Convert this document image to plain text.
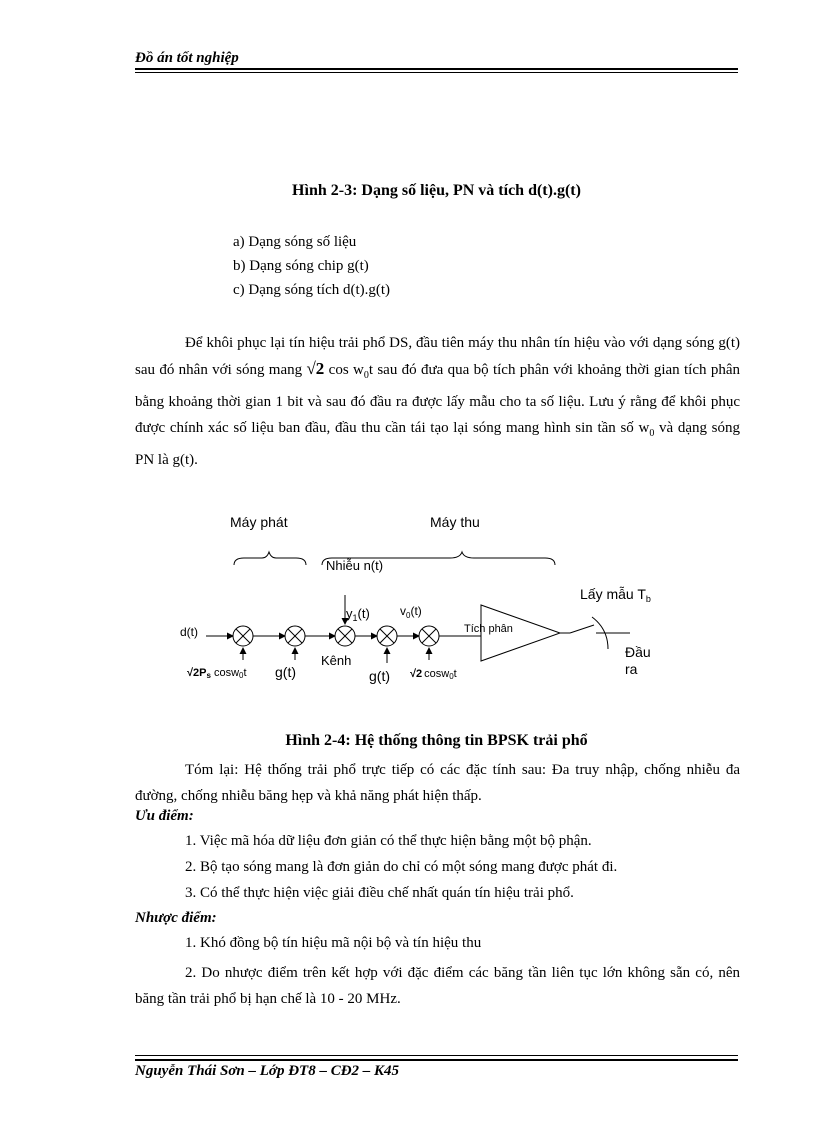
Đồ án tốt nghiệp
Hình 2-3: Dạng số liệu, PN và tích d(t).g(t)
a) Dạng sóng số liệu
b) Dạng sóng chip g(t)
c) Dạng sóng tích d(t).g(t)
Để khôi phục lại tín hiệu trải phổ DS, đầu tiên máy thu nhân tín hiệu vào với dạng sóng g(t) sau đó nhân với sóng mang √2 $\cos w_0t$ sau đó đưa qua bộ tích phân với khoảng thời gian tích phân bằng khoảng thời gian 1 bit và sau đó đầu ra được lấy mẫu cho ta số liệu. Lưu ý rằng để khôi phục được chính xác số liệu ban đầu, đầu thu cần tái tạo lại sóng mang hình sin tần số $w_0$ và dạng sóng PN là g(t).
Máy phát	Máy thu
Nhiễu n(t)
Lấy mẫu $T_b$
d(t)
√2Ps cosw0t g(t)
Kênh
$y_1(t)$	$v_0(t)$
g(t) √2 cosw0t
Tích phân
Đầu
ra
Hình 2-4: Hệ thống thông tin BPSK trải phổ
Tóm lại: Hệ thống trải phổ trực tiếp có các đặc tính sau: Đa truy nhập, chống nhiễu đa đường, chống nhiễu băng hẹp và khả năng phát hiện thấp.
Ưu điểm:
1. Việc mã hóa dữ liệu đơn giản có thể thực hiện bằng một bộ phận.
2. Bộ tạo sóng mang là đơn giản do chỉ có một sóng mang được phát đi.
3. Có thể thực hiện việc giải điều chế nhất quán tín hiệu trải phổ.
Nhược điểm:
1. Khó đồng bộ tín hiệu mã nội bộ và tín hiệu thu
2. Do nhược điểm trên kết hợp với đặc điểm các băng tần liên tục lớn không sẵn có, nên băng tần trải phổ bị hạn chế là 10 - 20 MHz.
Nguyễn Thái Sơn – Lớp ĐT8 – CĐ2 – K45
